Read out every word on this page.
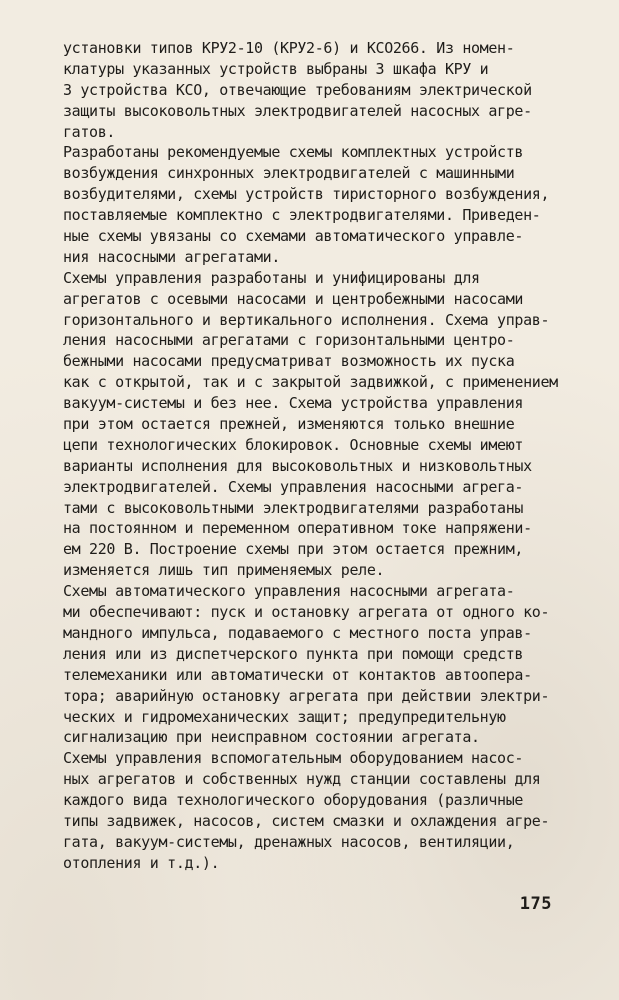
установки типов КРУ2-10 (КРУ2-6) и КСО266. Из номен-
клатуры указанных устройств выбраны 3 шкафа КРУ и
3 устройства КСО, отвечающие требованиям электрической
защиты высоковольтных электродвигателей насосных агре-
гатов.
Разработаны рекомендуемые схемы комплектных устройств
возбуждения синхронных электродвигателей с машинными
возбудителями, схемы устройств тиристорного возбуждения,
поставляемые комплектно с электродвигателями. Приведен-
ные схемы увязаны со схемами автоматического управле-
ния насосными агрегатами.
Схемы управления разработаны и унифицированы для
агрегатов с осевыми насосами и центробежными насосами
горизонтального и вертикального исполнения. Схема управ-
ления насосными агрегатами с горизонтальными центро-
бежными насосами предусматриват возможность их пуска
как с открытой, так и с закрытой задвижкой, с применением
вакуум-системы и без нее. Схема устройства управления
при этом остается прежней, изменяются только внешние
цепи технологических блокировок. Основные схемы имеют
варианты исполнения для высоковольтных и низковольтных
электродвигателей. Схемы управления насосными агрега-
тами с высоковольтными электродвигателями разработаны
на постоянном и переменном оперативном токе напряжени-
ем 220 В. Построение схемы при этом остается прежним,
изменяется лишь тип применяемых реле.
Схемы автоматического управления насосными агрегата-
ми обеспечивают: пуск и остановку агрегата от одного ко-
мандного импульса, подаваемого с местного поста управ-
ления или из диспетчерского пункта при помощи средств
телемеханики или автоматически от контактов автоопера-
тора; аварийную остановку агрегата при действии электри-
ческих и гидромеханических защит; предупредительную
сигнализацию при неисправном состоянии агрегата.
Схемы управления вспомогательным оборудованием насос-
ных агрегатов и собственных нужд станции составлены для
каждого вида технологического оборудования (различные
типы задвижек, насосов, систем смазки и охлаждения агре-
гата, вакуум-системы, дренажных насосов, вентиляции,
отопления и т.д.).
175
